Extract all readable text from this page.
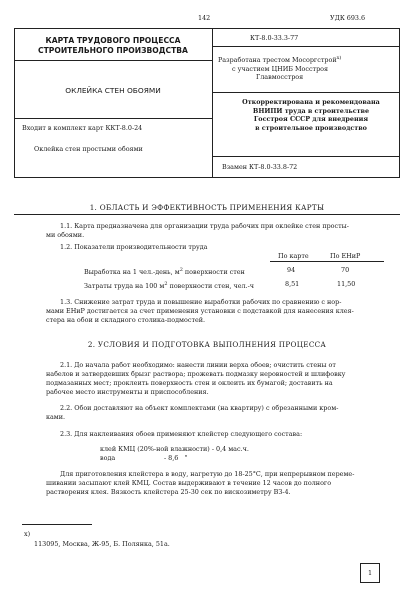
142	УДК 693.6
КАРТА ТРУДОВОГО ПРОЦЕССА
СТРОИТЕЛЬНОГО ПРОИЗВОДСТВА
ОКЛЕЙКА СТЕН ОБОЯМИ
Входит в комплект карт ККТ-8.0-24
Оклейка стен простыми обоями
КТ-8.0-33.3-77
Разработана трестом Мосоргстрой$^{x)}$
с участием ЦНИБ Мосстроя
Главмосстроя
Откорректирована и рекомендована
ВНИПИ труда в строительстве
Госстроя СССР для внедрения
в строительное производство
Взамен КТ-8.0-33.8-72
1. ОБЛАСТЬ И ЭФФЕКТИВНОСТЬ ПРИМЕНЕНИЯ КАРТЫ
1.1. Карта предназначена для организации труда рабочих при оклейке стен просты-
ми обоями.
1.2. Показатели производительности труда
По карте	По ЕНиР
Выработка на 1 чел.-день, $м^2$ поверхности стен	94	70
Затраты труда на 100 $м^2$ поверхности стен, чел.-ч	8,51	11,50
1.3. Снижение затрат труда и повышение выработки рабочих по сравнению с нор-
мами ЕНиР достигается за счет применения установки с подставкой для нанесения клея-
стера на обои и складного столика-подмостей.
2. УСЛОВИЯ И ПОДГОТОВКА ВЫПОЛНЕНИЯ ПРОЦЕССА
2.1. До начала работ необходимо: нанести линии верха обоев; очистить стены от
набелов и затвердевших брызг раствора; прожевать подмазку неровностей и шлифовку
подмазанных мест; проклеить поверхность стен и оклеить их бумагой; доставить на
рабочее место инструменты и приспособления.
2.2. Обои доставляют на объект комплектами (на квартиру) с обрезанными кром-
ками.
2.3. Для наклеивания обоев применяют клейстер следующего состава:
клей КМЦ (20%-ной влажности) - 0,4 мас.ч.
вода                        - 8,6   "
Для приготовления клейстера в воду, нагретую до 18-25°С, при непрерывном переме-
шивании засыпают клей КМЦ. Состав выдерживают в течение 12 часов до полного
растворения клея. Вязкость клейстера 25-30 сек по вискозиметру ВЗ-4.
x)
113095, Москва, Ж-95, Б. Полянка, 51а.
1
